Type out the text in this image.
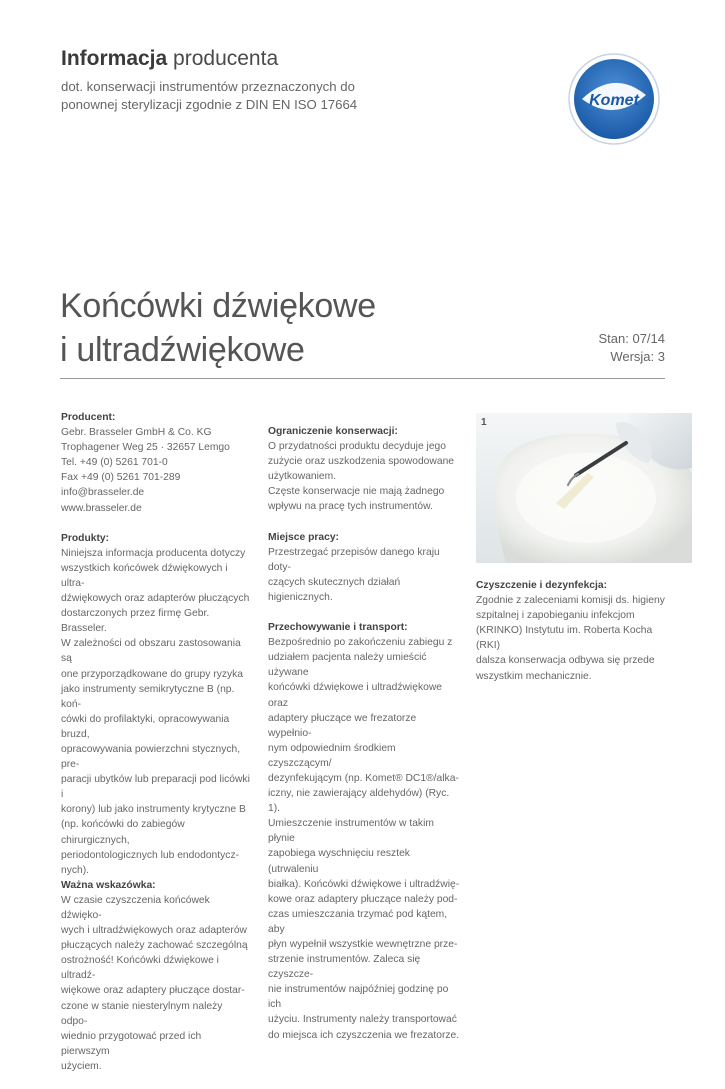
Informacja producenta
dot. konserwacji instrumentów przeznaczonych do
ponownej sterylizacji zgodnie z DIN EN ISO 17664	Komet
Końcówki dźwiękowe
i ultradźwiękowe	Stan: 07/14
Wersja: 3
Producent:

Gebr. Brasseler GmbH & Co. KG
Trophagener Weg 25 · 32657 Lemgo
Tel. +49 (0) 5261 701-0
Fax +49 (0) 5261 701-289
info@brasseler.de
www.brasseler.de

Produkty:

Niniejsza informacja producenta dotyczy
wszystkich końcówek dźwiękowych i ultra-
dźwiękowych oraz adapterów płuczących
dostarczonych przez firmę Gebr. Brasseler.
W zależności od obszaru zastosowania są
one przyporządkowane do grupy ryzyka
jako instrumenty semikrytyczne B (np. koń-
cówki do profilaktyki, opracowywania bruzd,
opracowywania powierzchni stycznych, pre-
paracji ubytków lub preparacji pod licówki i
korony) lub jako instrumenty krytyczne B
(np. końcówki do zabiegów chirurgicznych,
periodontologicznych lub endodontycz-
nych).

Ważna wskazówka:

W czasie czyszczenia końcówek dźwięko-
wych i ultradźwiękowych oraz adapterów
płuczących należy zachować szczególną
ostrożność! Końcówki dźwiękowe i ultradź-
więkowe oraz adaptery płuczące dostar-
czone w stanie niesterylnym należy odpo-
wiednio przygotować przed ich pierwszym
użyciem.

Ograniczenie konserwacji:

O przydatności produktu decyduje jego
zużycie oraz uszkodzenia spowodowane
użytkowaniem.
Częste konserwacje nie mają żadnego
wpływu na pracę tych instrumentów.

Miejsce pracy:

Przestrzegać przepisów danego kraju doty-
czących skutecznych działań higienicznych.

Przechowywanie i transport:

Bezpośrednio po zakończeniu zabiegu z
udziałem pacjenta należy umieścić używane
końcówki dźwiękowe i ultradźwiękowe oraz
adaptery płuczące we frezatorze wypełnio-
nym odpowiednim środkiem czyszczącym/
dezynfekującym (np. Komet® DC1®/alka-
iczny, nie zawierający aldehydów) (Ryc. 1).
Umieszczenie instrumentów w takim płynie
zapobiega wyschnięciu resztek (utrwaleniu
białka). Końcówki dźwiękowe i ultradźwię-
kowe oraz adaptery płuczące należy pod-
czas umieszczania trzymać pod kątem, aby
płyn wypełnił wszystkie wewnętrzne prze-
strzenie instrumentów. Zaleca się czyszcze-
nie instrumentów najpóźniej godzinę po ich
użyciu. Instrumenty należy transportować
do miejsca ich czyszczenia we frezatorze.

1
Czyszczenie i dezynfekcja:

Zgodnie z zaleceniami komisji ds. higieny
szpitalnej i zapobieganiu infekcjom
(KRINKO) Instytutu im. Roberta Kocha (RKI)
dalsza konserwacja odbywa się przede
wszystkim mechanicznie.
